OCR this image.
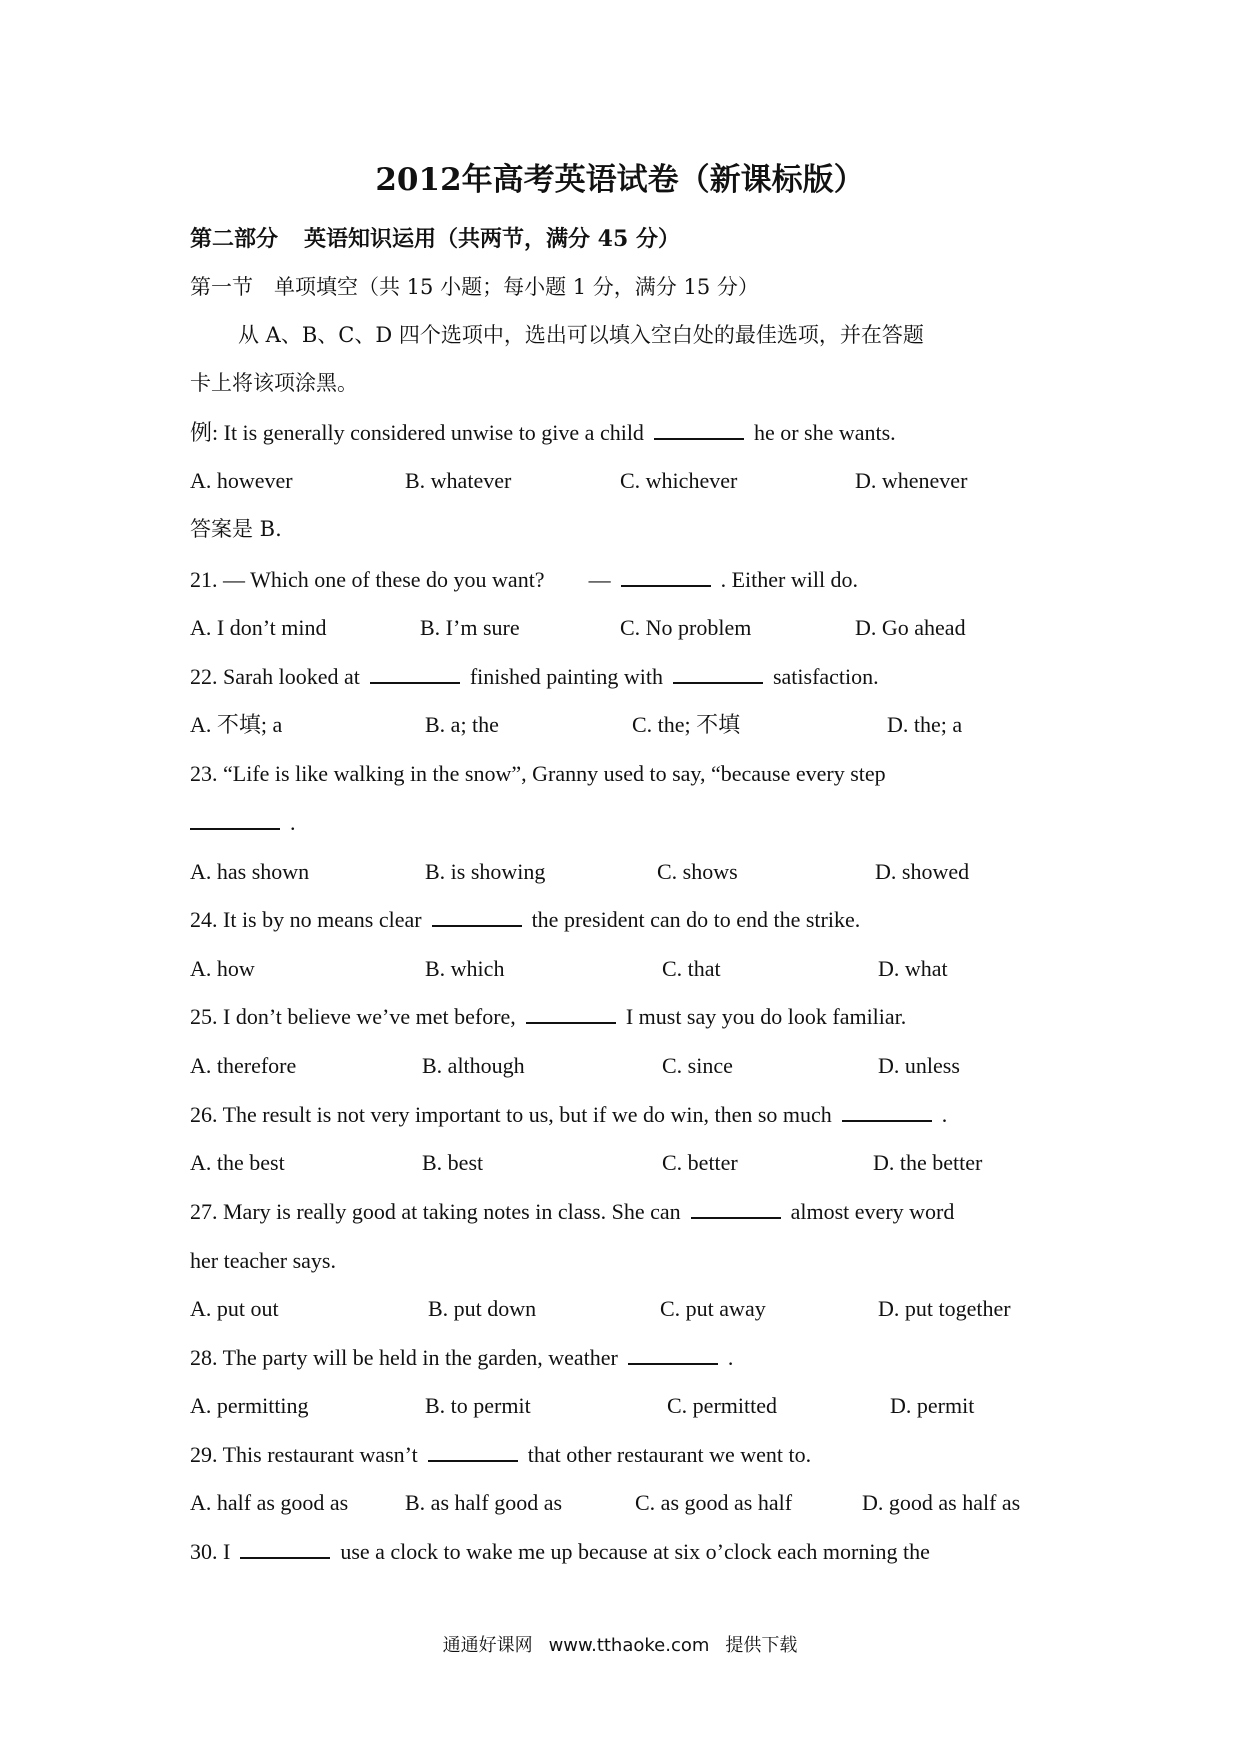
2012年高考英语试卷（新课标版）
第二部分 英语知识运用（共两节，满分 45 分）
第一节　单项填空（共 15 小题；每小题 1 分，满分 15 分）
从 A、B、C、D 四个选项中，选出可以填入空白处的最佳选项，并在答题
卡上将该项涂黑。
例: It is generally considered unwise to give a child	he or she wants.
A. however	B. whatever	C. whichever	D. whenever
答案是 B.
21. — Which one of these do you want? —	. Either will do.
A. I don’t mind	B. I’m sure	C. No problem	D. Go ahead
22. Sarah looked at	finished painting with	satisfaction.
A. 不填; a	B. a; the	C. the; 不填	D. the; a
23. “Life is like walking in the snow”, Granny used to say, “because every step
.
A. has shown	B. is showing	C. shows	D. showed
24. It is by no means clear	the president can do to end the strike.
A. how	B. which	C. that	D. what
25. I don’t believe we’ve met before,	I must say you do look familiar.
A. therefore	B. although	C. since	D. unless
26. The result is not very important to us, but if we do win, then so much	.
A. the best	B. best	C. better	D. the better
27. Mary is really good at taking notes in class. She can	almost every word
her teacher says.
A. put out	B. put down	C. put away	D. put together
28. The party will be held in the garden, weather	.
A. permitting	B. to permit	C. permitted	D. permit
29. This restaurant wasn’t	that other restaurant we went to.
A. half as good as	B. as half good as	C. as good as half	D. good as half as
30. I	use a clock to wake me up because at six o’clock each morning the
通通好课网 www.tthaoke.com 提供下载
